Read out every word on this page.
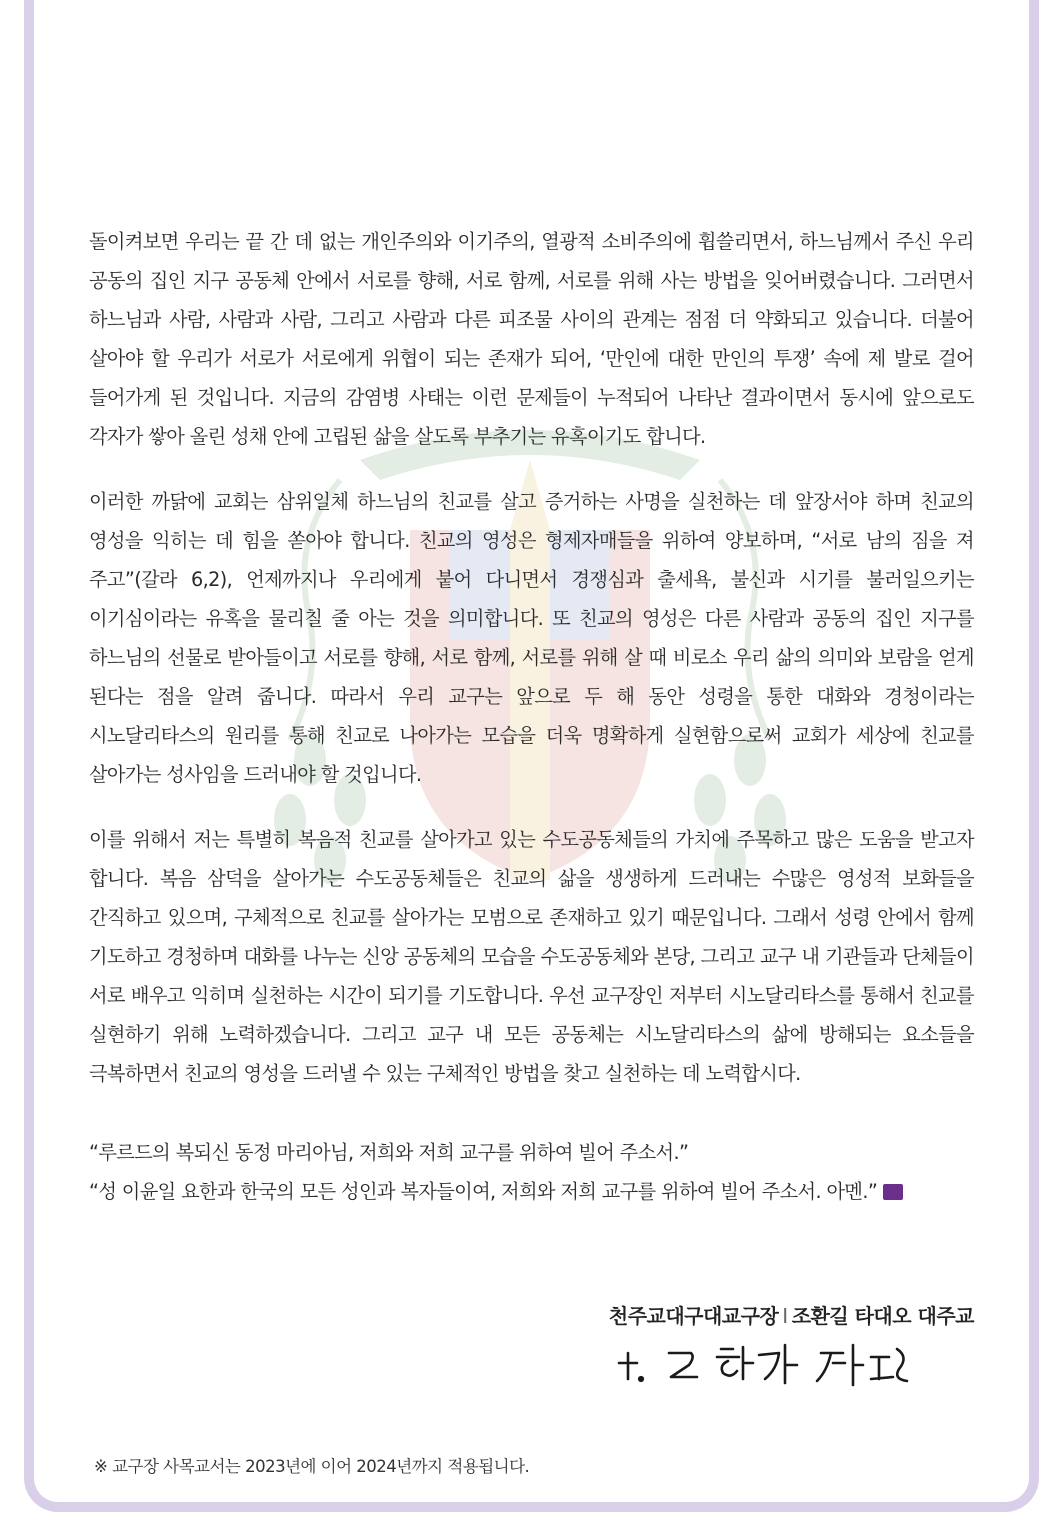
돌이켜보면 우리는 끝 간 데 없는 개인주의와 이기주의, 열광적 소비주의에 휩쓸리면서, 하느님께서 주신 우리 공동의 집인 지구 공동체 안에서 서로를 향해, 서로 함께, 서로를 위해 사는 방법을 잊어버렸습니다. 그러면서 하느님과 사람, 사람과 사람, 그리고 사람과 다른 피조물 사이의 관계는 점점 더 약화되고 있습니다. 더불어 살아야 할 우리가 서로가 서로에게 위협이 되는 존재가 되어, ‘만인에 대한 만인의 투쟁’ 속에 제 발로 걸어 들어가게 된 것입니다. 지금의 감염병 사태는 이런 문제들이 누적되어 나타난 결과이면서 동시에 앞으로도 각자가 쌓아 올린 성채 안에 고립된 삶을 살도록 부추기는 유혹이기도 합니다.

이러한 까닭에 교회는 삼위일체 하느님의 친교를 살고 증거하는 사명을 실천하는 데 앞장서야 하며 친교의 영성을 익히는 데 힘을 쏟아야 합니다. 친교의 영성은 형제자매들을 위하여 양보하며, “서로 남의 짐을 져 주고”(갈라 6,2), 언제까지나 우리에게 붙어 다니면서 경쟁심과 출세욕, 불신과 시기를 불러일으키는 이기심이라는 유혹을 물리칠 줄 아는 것을 의미합니다. 또 친교의 영성은 다른 사람과 공동의 집인 지구를 하느님의 선물로 받아들이고 서로를 향해, 서로 함께, 서로를 위해 살 때 비로소 우리 삶의 의미와 보람을 얻게 된다는 점을 알려 줍니다. 따라서 우리 교구는 앞으로 두 해 동안 성령을 통한 대화와 경청이라는 시노달리타스의 원리를 통해 친교로 나아가는 모습을 더욱 명확하게 실현함으로써 교회가 세상에 친교를 살아가는 성사임을 드러내야 할 것입니다.

이를 위해서 저는 특별히 복음적 친교를 살아가고 있는 수도공동체들의 가치에 주목하고 많은 도움을 받고자 합니다. 복음 삼덕을 살아가는 수도공동체들은 친교의 삶을 생생하게 드러내는 수많은 영성적 보화들을 간직하고 있으며, 구체적으로 친교를 살아가는 모범으로 존재하고 있기 때문입니다. 그래서 성령 안에서 함께 기도하고 경청하며 대화를 나누는 신앙 공동체의 모습을 수도공동체와 본당, 그리고 교구 내 기관들과 단체들이 서로 배우고 익히며 실천하는 시간이 되기를 기도합니다. 우선 교구장인 저부터 시노달리타스를 통해서 친교를 실현하기 위해 노력하겠습니다. 그리고 교구 내 모든 공동체는 시노달리타스의 삶에 방해되는 요소들을 극복하면서 친교의 영성을 드러낼 수 있는 구체적인 방법을 찾고 실천하는 데 노력합시다.

“루르드의 복되신 동정 마리아님, 저희와 저희 교구를 위하여 빌어 주소서.”
“성 이윤일 요한과 한국의 모든 성인과 복자들이여, 저희와 저희 교구를 위하여 빌어 주소서. 아멘.”
천주교대구대교구장 I 조환길 타대오 대주교
※ 교구장 사목교서는 2023년에 이어 2024년까지 적용됩니다.
